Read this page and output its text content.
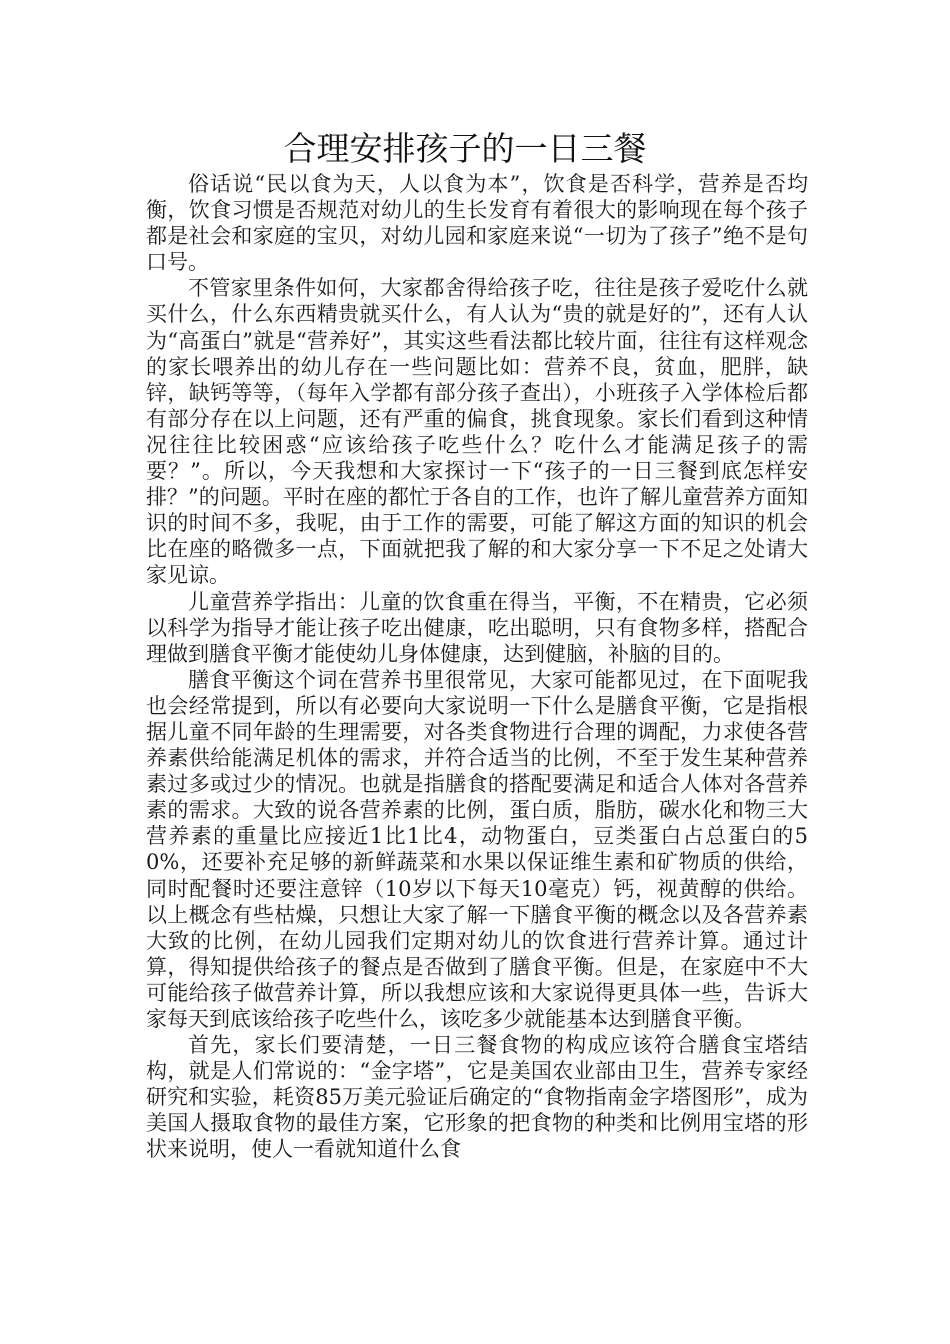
合理安排孩子的一日三餐

俗话说“民以食为天，人以食为本”，饮食是否科学，营养是否均衡，饮食习惯是否规范对幼儿的生长发育有着很大的影响现在每个孩子都是社会和家庭的宝贝，对幼儿园和家庭来说“一切为了孩子”绝不是句口号。

不管家里条件如何，大家都舍得给孩子吃，往往是孩子爱吃什么就买什么，什么东西精贵就买什么，有人认为“贵的就是好的”，还有人认为“高蛋白”就是“营养好”，其实这些看法都比较片面，往往有这样观念的家长喂养出的幼儿存在一些问题比如：营养不良，贫血，肥胖，缺锌，缺钙等等，（每年入学都有部分孩子查出），小班孩子入学体检后都有部分存在以上问题，还有严重的偏食，挑食现象。家长们看到这种情况往往比较困惑“应该给孩子吃些什么？吃什么才能满足孩子的需要？”。所以，今天我想和大家探讨一下“孩子的一日三餐到底怎样安排？”的问题。平时在座的都忙于各自的工作，也许了解儿童营养方面知识的时间不多，我呢，由于工作的需要，可能了解这方面的知识的机会比在座的略微多一点，下面就把我了解的和大家分享一下不足之处请大家见谅。

儿童营养学指出：儿童的饮食重在得当，平衡，不在精贵，它必须以科学为指导才能让孩子吃出健康，吃出聪明，只有食物多样，搭配合理做到膳食平衡才能使幼儿身体健康，达到健脑，补脑的目的。

膳食平衡这个词在营养书里很常见，大家可能都见过，在下面呢我也会经常提到，所以有必要向大家说明一下什么是膳食平衡，它是指根据儿童不同年龄的生理需要，对各类食物进行合理的调配，力求使各营养素供给能满足机体的需求，并符合适当的比例，不至于发生某种营养素过多或过少的情况。也就是指膳食的搭配要满足和适合人体对各营养素的需求。大致的说各营养素的比例，蛋白质，脂肪，碳水化和物三大营养素的重量比应接近1比1比4，动物蛋白，豆类蛋白占总蛋白的50%，还要补充足够的新鲜蔬菜和水果以保证维生素和矿物质的供给，同时配餐时还要注意锌（10岁以下每天10毫克）钙，视黄醇的供给。以上概念有些枯燥，只想让大家了解一下膳食平衡的概念以及各营养素大致的比例，在幼儿园我们定期对幼儿的饮食进行营养计算。通过计算，得知提供给孩子的餐点是否做到了膳食平衡。但是，在家庭中不大可能给孩子做营养计算，所以我想应该和大家说得更具体一些，告诉大家每天到底该给孩子吃些什么，该吃多少就能基本达到膳食平衡。

首先，家长们要清楚，一日三餐食物的构成应该符合膳食宝塔结构，就是人们常说的：“金字塔”，它是美国农业部由卫生，营养专家经研究和实验，耗资85万美元验证后确定的“食物指南金字塔图形”，成为美国人摄取食物的最佳方案，它形象的把食物的种类和比例用宝塔的形状来说明，使人一看就知道什么食
